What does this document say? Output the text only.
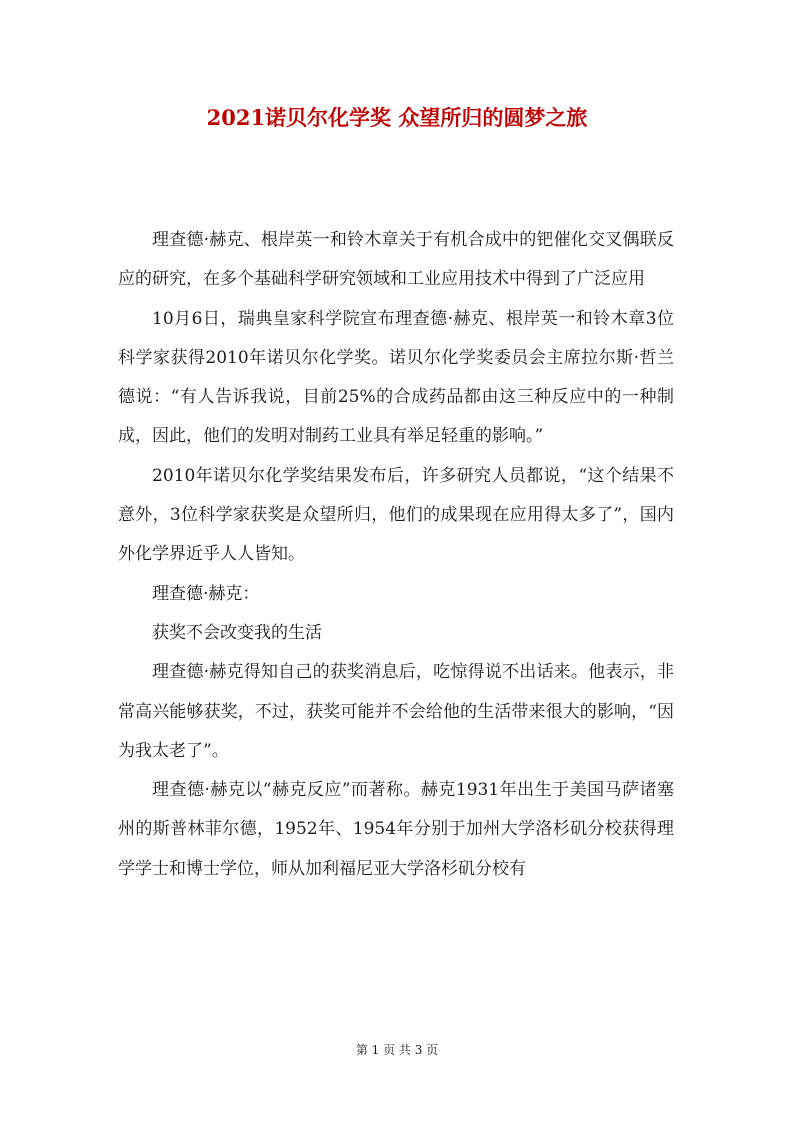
2021诺贝尔化学奖 众望所归的圆梦之旅

理查德·赫克、根岸英一和铃木章关于有机合成中的钯催化交叉偶联反应的研究，在多个基础科学研究领域和工业应用技术中得到了广泛应用

10月6日，瑞典皇家科学院宣布理查德·赫克、根岸英一和铃木章3位科学家获得2010年诺贝尔化学奖。诺贝尔化学奖委员会主席拉尔斯·哲兰德说：“有人告诉我说，目前25%的合成药品都由这三种反应中的一种制成，因此，他们的发明对制药工业具有举足轻重的影响。”

2010年诺贝尔化学奖结果发布后，许多研究人员都说，“这个结果不意外，3位科学家获奖是众望所归，他们的成果现在应用得太多了”，国内外化学界近乎人人皆知。

理查德·赫克：

获奖不会改变我的生活

理查德·赫克得知自己的获奖消息后，吃惊得说不出话来。他表示，非常高兴能够获奖，不过，获奖可能并不会给他的生活带来很大的影响，“因为我太老了”。

理查德·赫克以“赫克反应”而著称。赫克1931年出生于美国马萨诸塞州的斯普林菲尔德，1952年、1954年分别于加州大学洛杉矶分校获得理学学士和博士学位，师从加利福尼亚大学洛杉矶分校有

第 1 页 共 3 页
